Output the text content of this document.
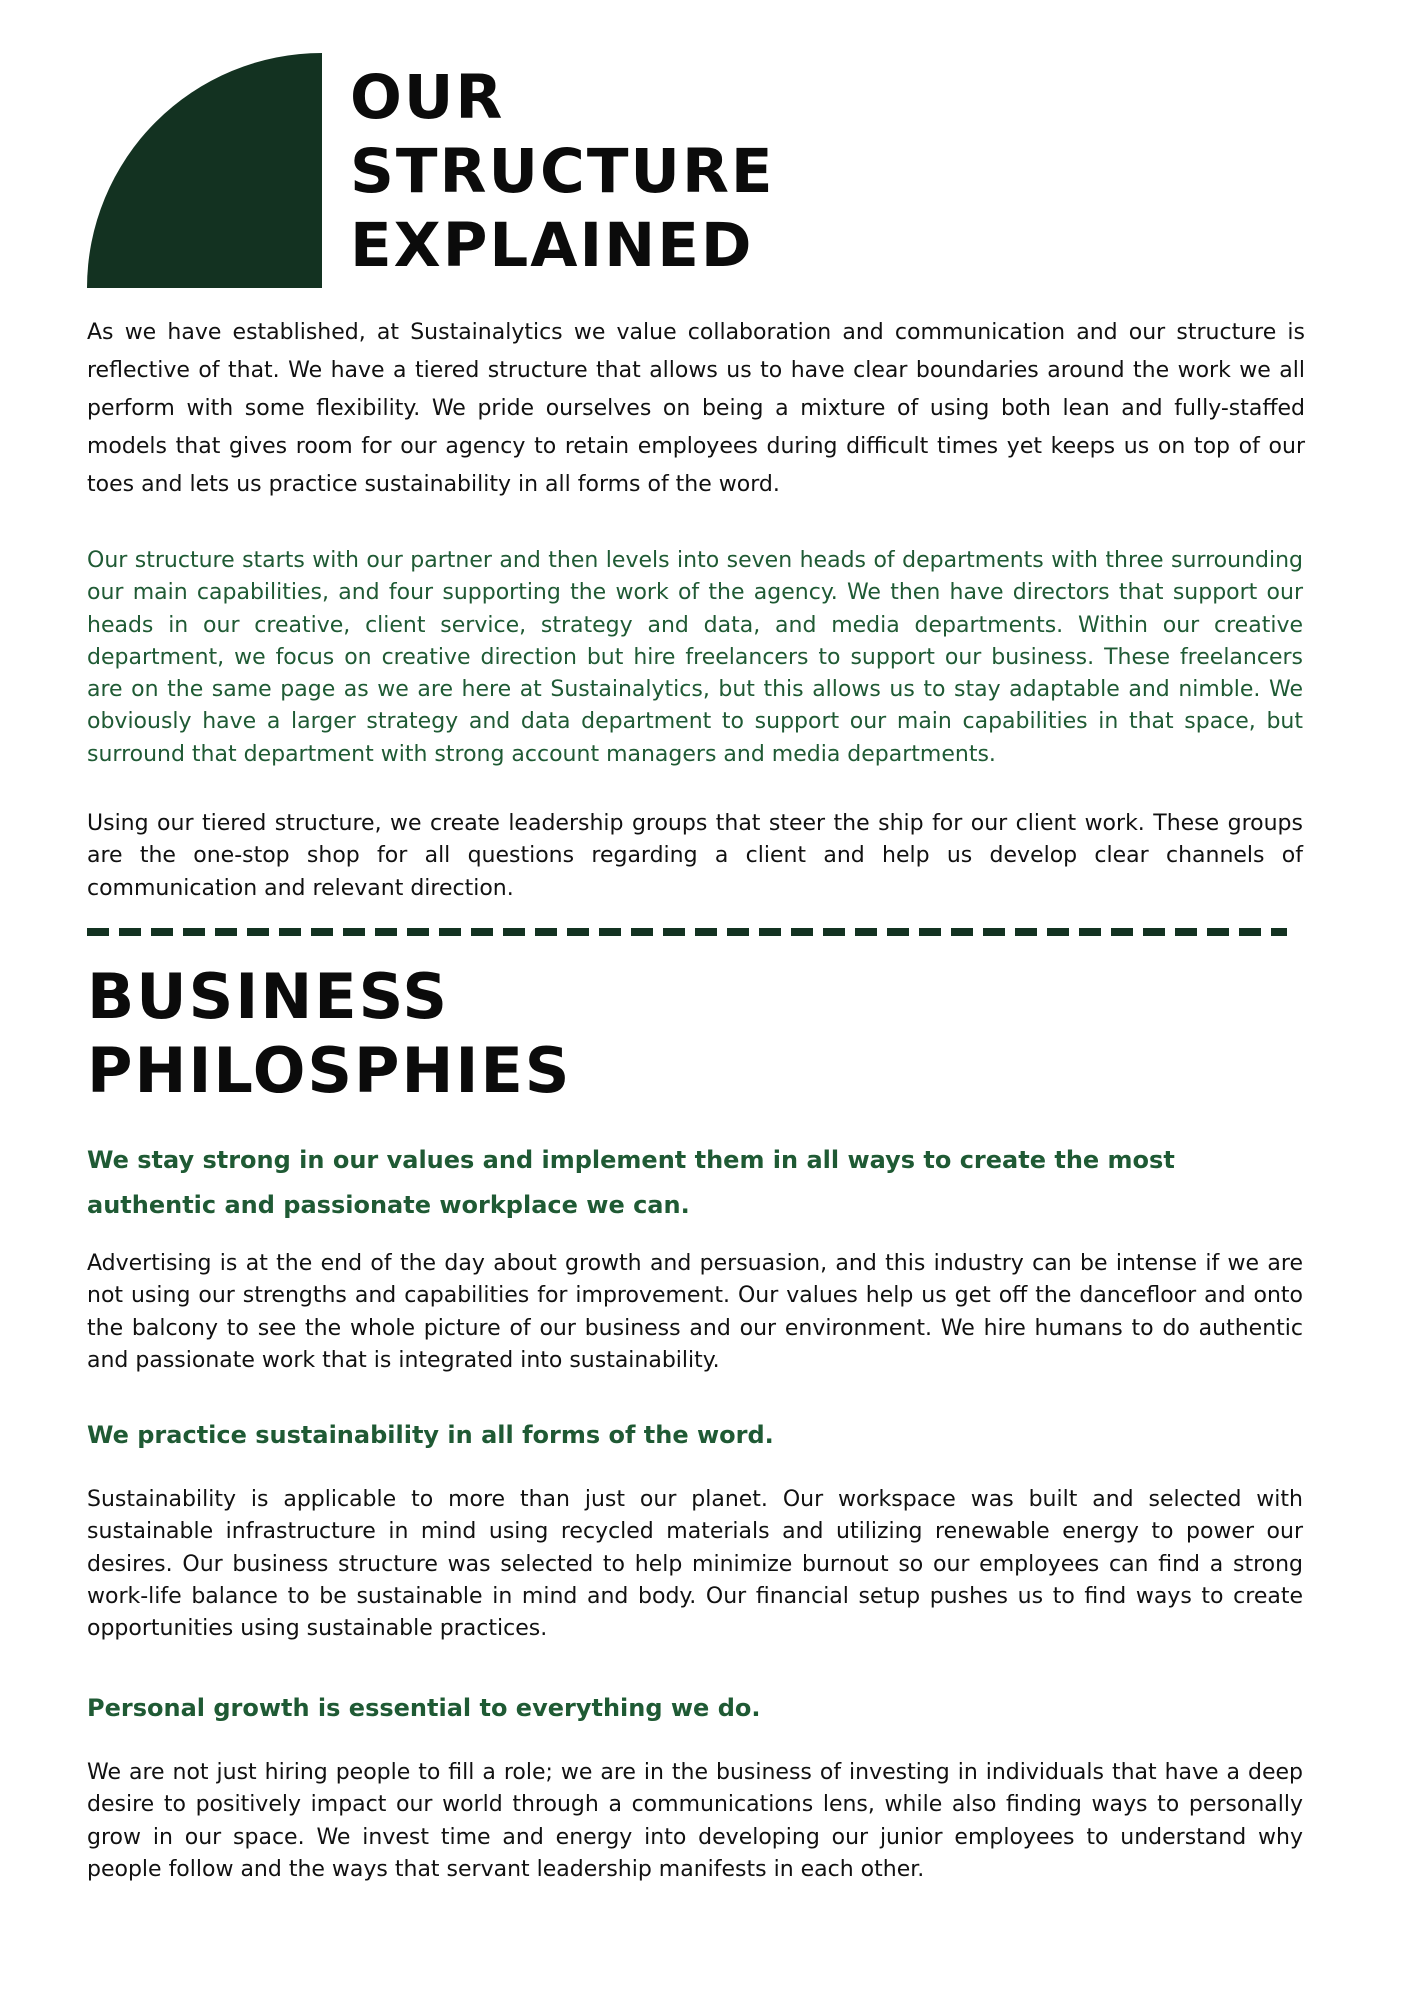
OUR
STRUCTURE
EXPLAINED

As we have established, at Sustainalytics we value collaboration and communication and our structure is reflective of that. We have a tiered structure that allows us to have clear boundaries around the work we all perform with some flexibility. We pride ourselves on being a mixture of using both lean and fully-staffed models that gives room for our agency to retain employees during difficult times yet keeps us on top of our toes and lets us practice sustainability in all forms of the word.

Our structure starts with our partner and then levels into seven heads of departments with three surrounding our main capabilities, and four supporting the work of the agency. We then have directors that support our heads in our creative, client service, strategy and data, and media departments. Within our creative department, we focus on creative direction but hire freelancers to support our business. These freelancers are on the same page as we are here at Sustainalytics, but this allows us to stay adaptable and nimble. We obviously have a larger strategy and data department to support our main capabilities in that space, but surround that department with strong account managers and media departments.

Using our tiered structure, we create leadership groups that steer the ship for our client work. These groups are the one-stop shop for all questions regarding a client and help us develop clear channels of communication and relevant direction.

BUSINESS
PHILOSPHIES
We stay strong in our values and implement them in all ways to create the most authentic and passionate workplace we can.

Advertising is at the end of the day about growth and persuasion, and this industry can be intense if we are not using our strengths and capabilities for improvement. Our values help us get off the dancefloor and onto the balcony to see the whole picture of our business and our environment. We hire humans to do authentic and passionate work that is integrated into sustainability.

We practice sustainability in all forms of the word.

Sustainability is applicable to more than just our planet. Our workspace was built and selected with sustainable infrastructure in mind using recycled materials and utilizing renewable energy to power our desires. Our business structure was selected to help minimize burnout so our employees can find a strong work-life balance to be sustainable in mind and body. Our financial setup pushes us to find ways to create opportunities using sustainable practices.

Personal growth is essential to everything we do.

We are not just hiring people to fill a role; we are in the business of investing in individuals that have a deep desire to positively impact our world through a communications lens, while also finding ways to personally grow in our space. We invest time and energy into developing our junior employees to understand why people follow and the ways that servant leadership manifests in each other.
